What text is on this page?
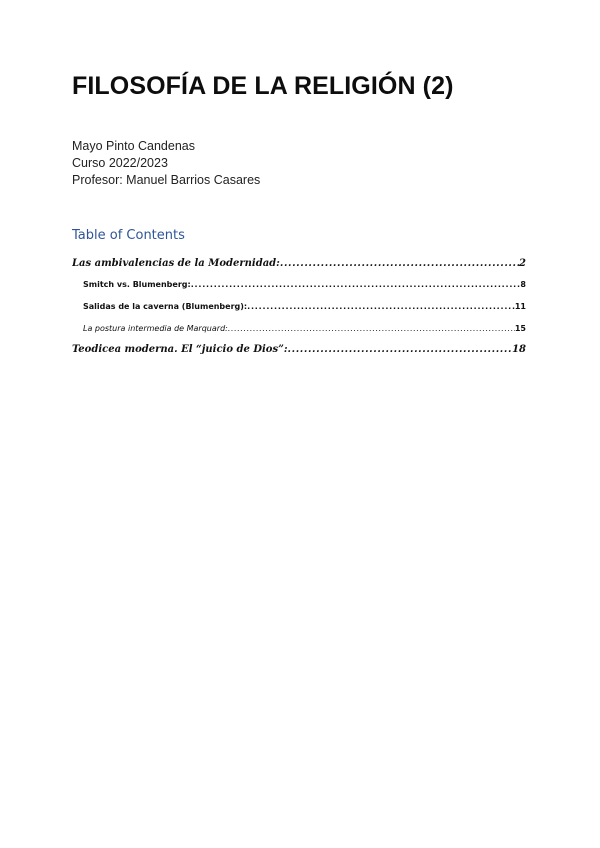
FILOSOFÍA DE LA RELIGIÓN (2)
Mayo Pinto Candenas
Curso 2022/2023
Profesor: Manuel Barrios Casares
Table of Contents
Las ambivalencias de la Modernidad: .....	2
Smitch vs. Blumenberg: .....	8
Salidas de la caverna (Blumenberg): .....	11
La postura intermedia de Marquard: .....	15
Teodicea moderna. El “juicio de Dios”: .....	18
